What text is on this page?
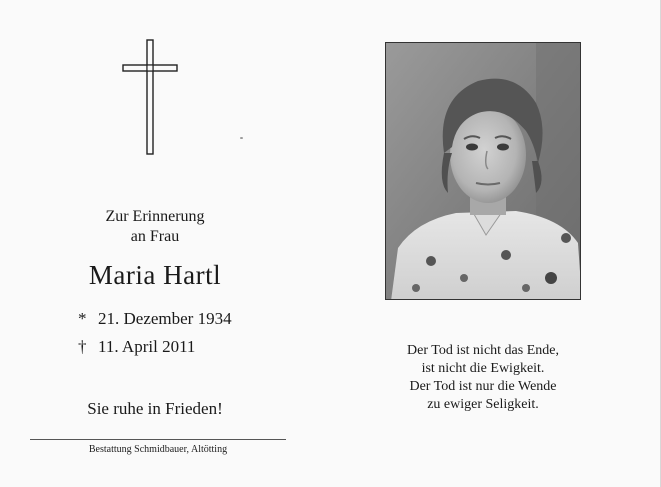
Zur Erinnerung
an Frau
Maria Hartl
* 21. Dezember 1934
† 11. April 2011
Sie ruhe in Frieden!
Bestattung Schmidbauer, Altötting
Der Tod ist nicht das Ende,
ist nicht die Ewigkeit.
Der Tod ist nur die Wende
zu ewiger Seligkeit.
